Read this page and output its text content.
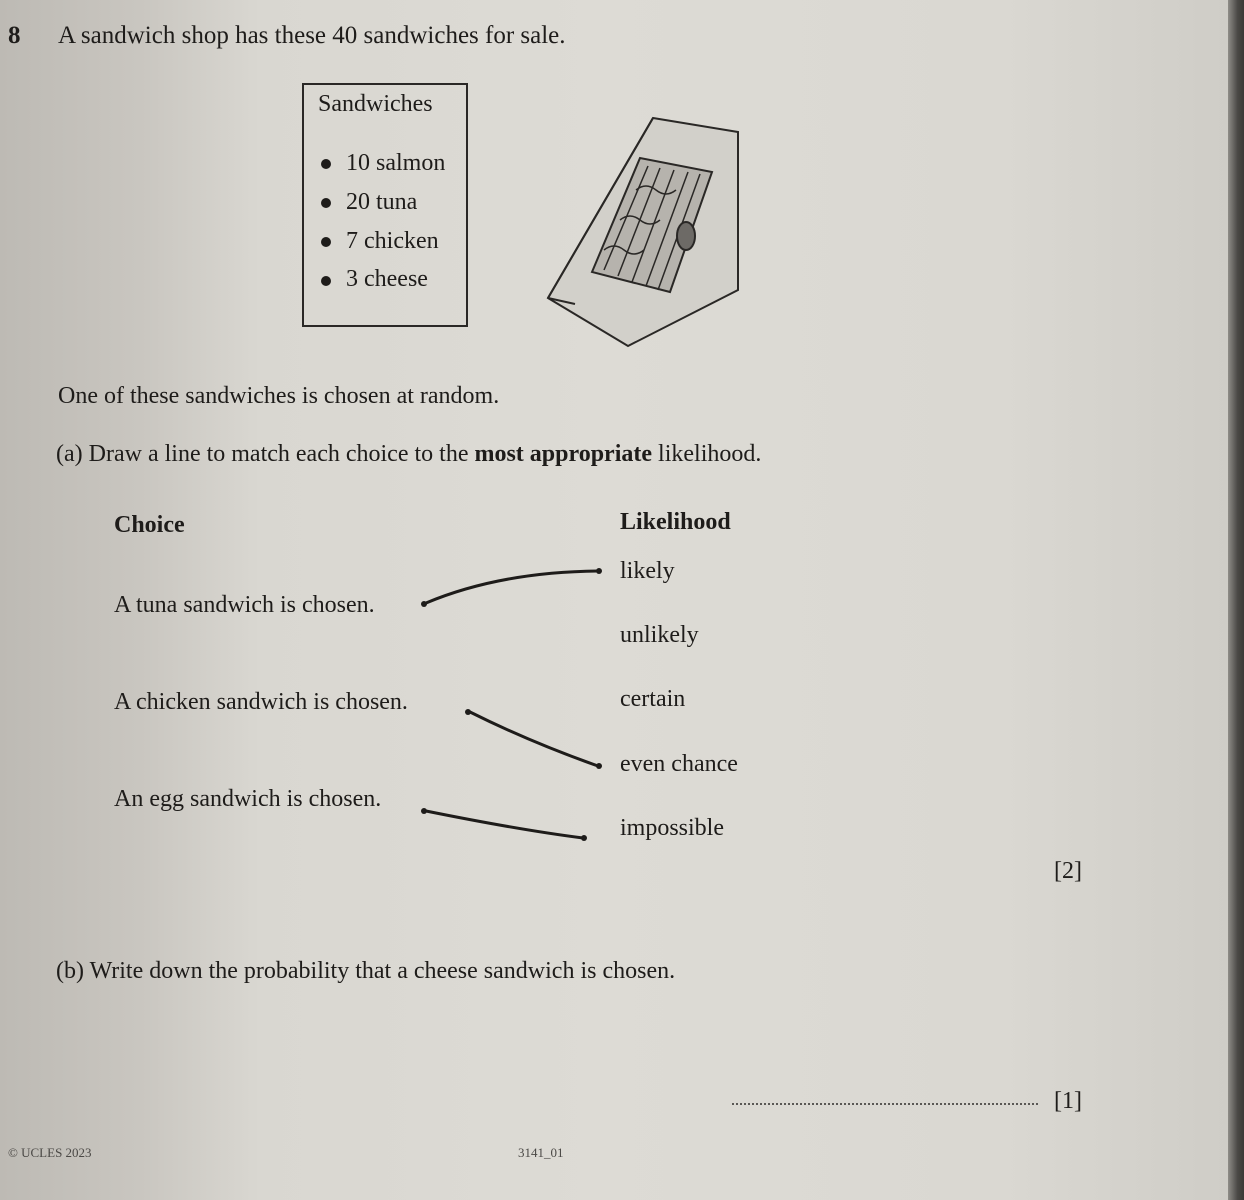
8 A sandwich shop has these 40 sandwiches for sale.
Sandwiches
10 salmon
20 tuna
7 chicken
3 cheese
One of these sandwiches is chosen at random.
(a) Draw a line to match each choice to the most appropriate likelihood.
Choice	Likelihood
A tuna sandwich is chosen.
A chicken sandwich is chosen.
An egg sandwich is chosen.
likely
unlikely
certain
even chance
impossible
[2]
(b) Write down the probability that a cheese sandwich is chosen.
[1]
© UCLES 2023	3141_01
